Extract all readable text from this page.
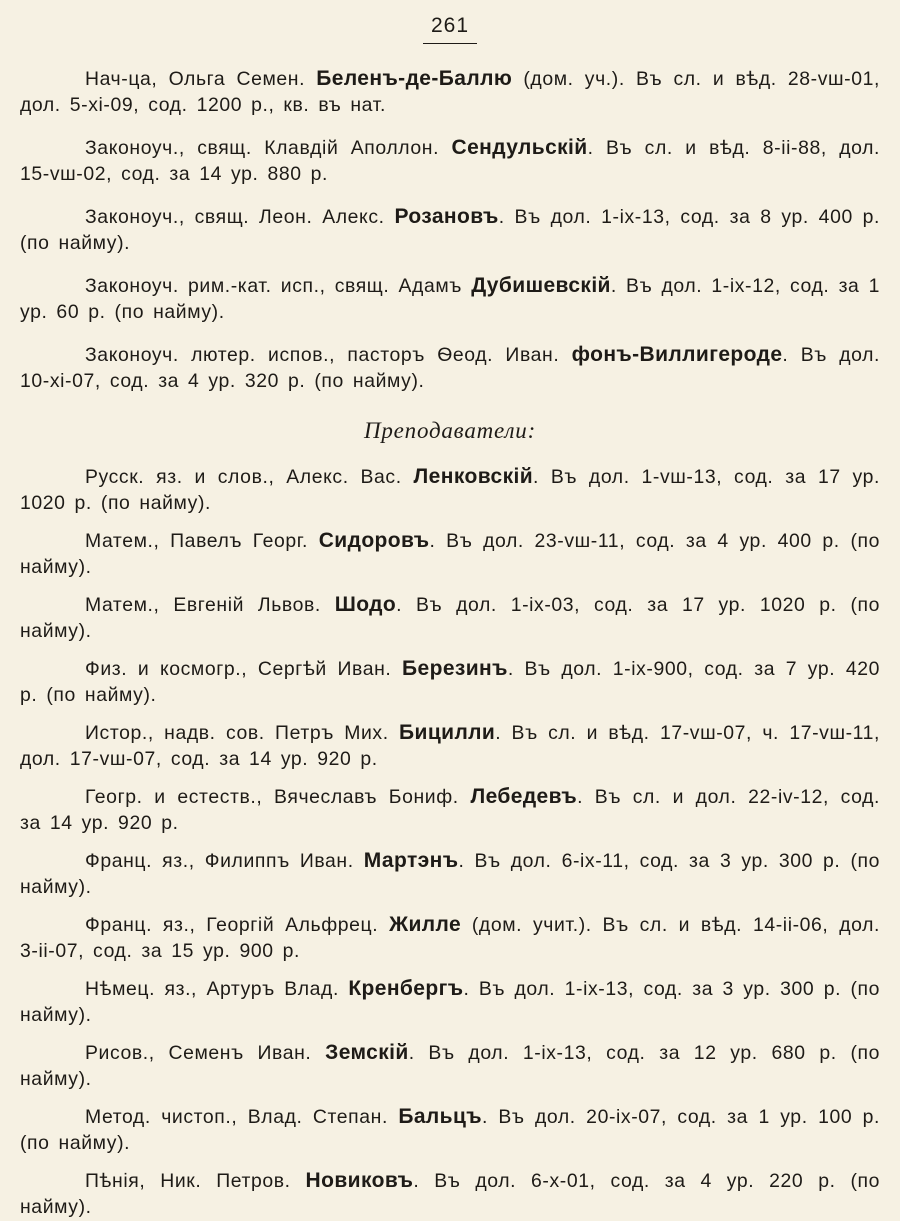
261

Нач-ца, Ольга Семен. Беленъ-де-Баллю (дом. уч.). Въ сл. и вѣд. 28-vш-01, дол. 5-xi-09, сод. 1200 р., кв. въ нат.

Законоуч., свящ. Клавдій Аполлон. Сендульскій. Въ сл. и вѣд. 8-ii-88, дол. 15-vш-02, сод. за 14 ур. 880 р.

Законоуч., свящ. Леон. Алекс. Розановъ. Въ дол. 1-ix-13, сод. за 8 ур. 400 р. (по найму).

Законоуч. рим.-кат. исп., свящ. Адамъ Дубишевскій. Въ дол. 1-ix-12, сод. за 1 ур. 60 р. (по найму).

Законоуч. лютер. испов., пасторъ Ѳеод. Иван. фонъ-Виллигероде. Въ дол. 10-xi-07, сод. за 4 ур. 320 р. (по найму).

Преподаватели:

Русск. яз. и слов., Алекс. Вас. Ленковскій. Въ дол. 1-vш-13, сод. за 17 ур. 1020 р. (по найму).

Матем., Павелъ Георг. Сидоровъ. Въ дол. 23-vш-11, сод. за 4 ур. 400 р. (по найму).

Матем., Евгеній Львов. Шодо. Въ дол. 1-ix-03, сод. за 17 ур. 1020 р. (по найму).

Физ. и космогр., Сергѣй Иван. Березинъ. Въ дол. 1-ix-900, сод. за 7 ур. 420 р. (по найму).

Истор., надв. сов. Петръ Мих. Бицилли. Въ сл. и вѣд. 17-vш-07, ч. 17-vш-11, дол. 17-vш-07, сод. за 14 ур. 920 р.

Геогр. и естеств., Вячеславъ Бониф. Лебедевъ. Въ сл. и дол. 22-iv-12, сод. за 14 ур. 920 р.

Франц. яз., Филиппъ Иван. Мартэнъ. Въ дол. 6-ix-11, сод. за 3 ур. 300 р. (по найму).

Франц. яз., Георгій Альфрец. Жилле (дом. учит.). Въ сл. и вѣд. 14-ii-06, дол. 3-ii-07, сод. за 15 ур. 900 р.

Нѣмец. яз., Артуръ Влад. Кренбергъ. Въ дол. 1-ix-13, сод. за 3 ур. 300 р. (по найму).

Рисов., Семенъ Иван. Земскій. Въ дол. 1-ix-13, сод. за 12 ур. 680 р. (по найму).

Метод. чистоп., Влад. Степан. Бальцъ. Въ дол. 20-ix-07, сод. за 1 ур. 100 р. (по найму).

Пѣнія, Ник. Петров. Новиковъ. Въ дол. 6-x-01, сод. за 4 ур. 220 р. (по найму).
